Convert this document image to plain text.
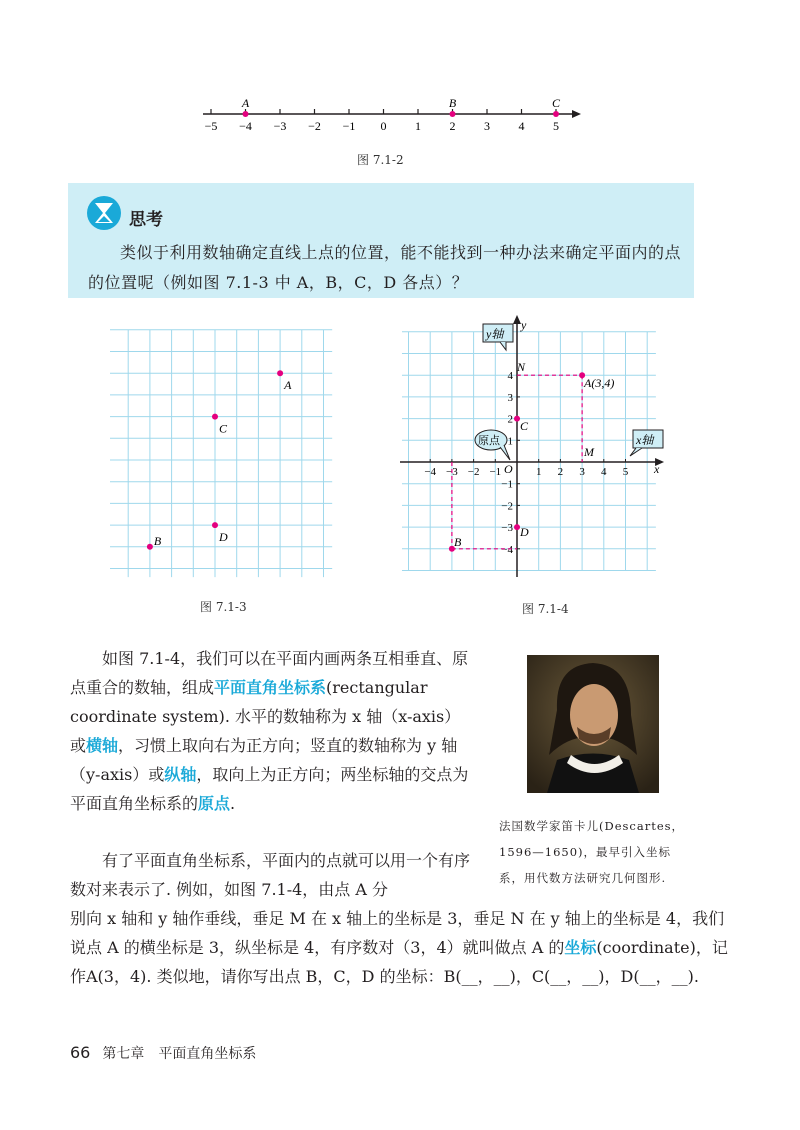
−5 −4 −3 −2 −1 0 1 2 3 4 5
A	B	C
图 7.1-2
思考
类似于利用数轴确定直线上点的位置，能不能找到一种办法来确定平面内的点的位置呢（例如图 7.1-3 中 A，B，C，D 各点）？
A
B
C
D
图 7.1-3
−4 −3 −2 −1	1 2 3 4 5
4
3
2
1
−1
−2
−3
−4
y轴
x轴
原点
x
y
O
N
M
A(3,4)
C
D
B
图 7.1-4
法国数学家笛卡儿(Descartes，
1596—1650)，最早引入坐标
系，用代数方法研究几何图形.
　　如图 7.1-4，我们可以在平面内画两条互相垂直、原点重合的数轴，组成平面直角坐标系(rectangular coordinate system). 水平的数轴称为 x 轴（x-axis）或横轴，习惯上取向右为正方向；竖直的数轴称为 y 轴（y-axis）或纵轴，取向上为正方向；两坐标轴的交点为平面直角坐标系的原点.
　　有了平面直角坐标系，平面内的点就可以用一个有序数对来表示了. 例如，如图 7.1-4，由点 A 分
别向 x 轴和 y 轴作垂线，垂足 M 在 x 轴上的坐标是 3，垂足 N 在 y 轴上的坐标是 4，我们说点 A 的横坐标是 3，纵坐标是 4，有序数对（3，4）就叫做点 A 的坐标(coordinate)，记作A(3，4). 类似地，请你写出点 B，C，D 的坐标：B(__，__)，C(__，__)，D(__，__).
66 第七章　平面直角坐标系
